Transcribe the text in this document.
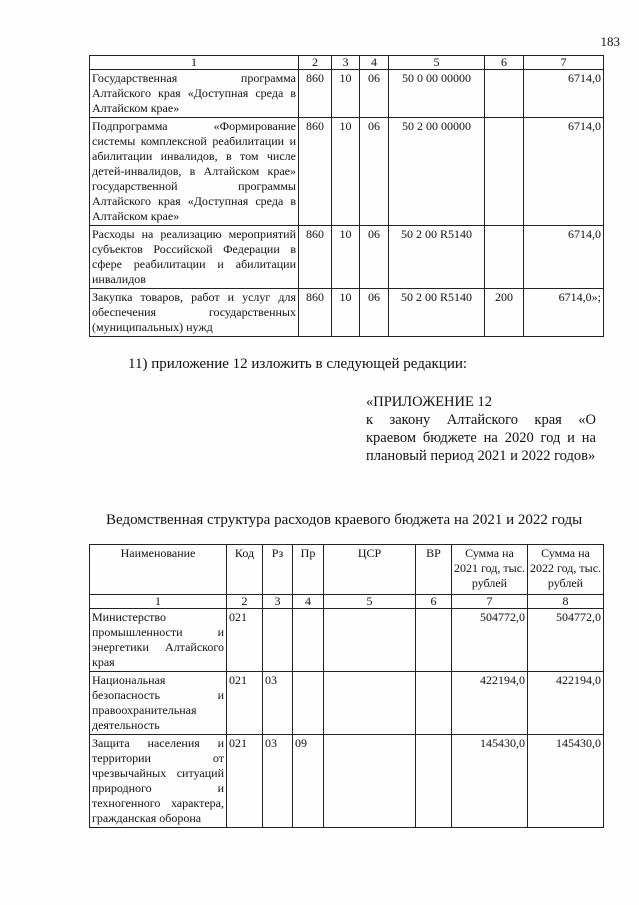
183
1	2	3	4	5	6	7
Государственная программа Алтайского края «Доступная среда в Алтайском крае»	860	10	06	50 0 00 00000		6714,0
Подпрограмма «Формирование системы комплексной реабилитации и абилитации инвалидов, в том числе детей-инвалидов, в Алтайском крае» государственной программы Алтайского края «Доступная среда в Алтайском крае»	860	10	06	50 2 00 00000		6714,0
Расходы на реализацию мероприятий субъектов Российской Федерации в сфере реабилитации и абилитации инвалидов	860	10	06	50 2 00 R5140		6714,0
Закупка товаров, работ и услуг для обеспечения государственных (муниципальных) нужд	860	10	06	50 2 00 R5140	200	6714,0»;
11) приложение 12 изложить в следующей редакции:
«ПРИЛОЖЕНИЕ 12
к закону Алтайского края «О краевом бюджете на 2020 год и на плановый период 2021 и 2022 годов»
Ведомственная структура расходов краевого бюджета на 2021 и 2022 годы
Наименование	Код	Рз	Пр	ЦСР	ВР	Сумма на 2021 год, тыс. рублей	Сумма на 2022 год, тыс. рублей
1	2	3	4	5	6	7	8
Министерство промышленности и энергетики Алтайского края	021					504772,0	504772,0
Национальная безопасность и правоохранительная деятельность	021	03				422194,0	422194,0
Защита населения и территории от чрезвычайных ситуаций природного и техногенного характера, гражданская оборона	021	03	09			145430,0	145430,0
